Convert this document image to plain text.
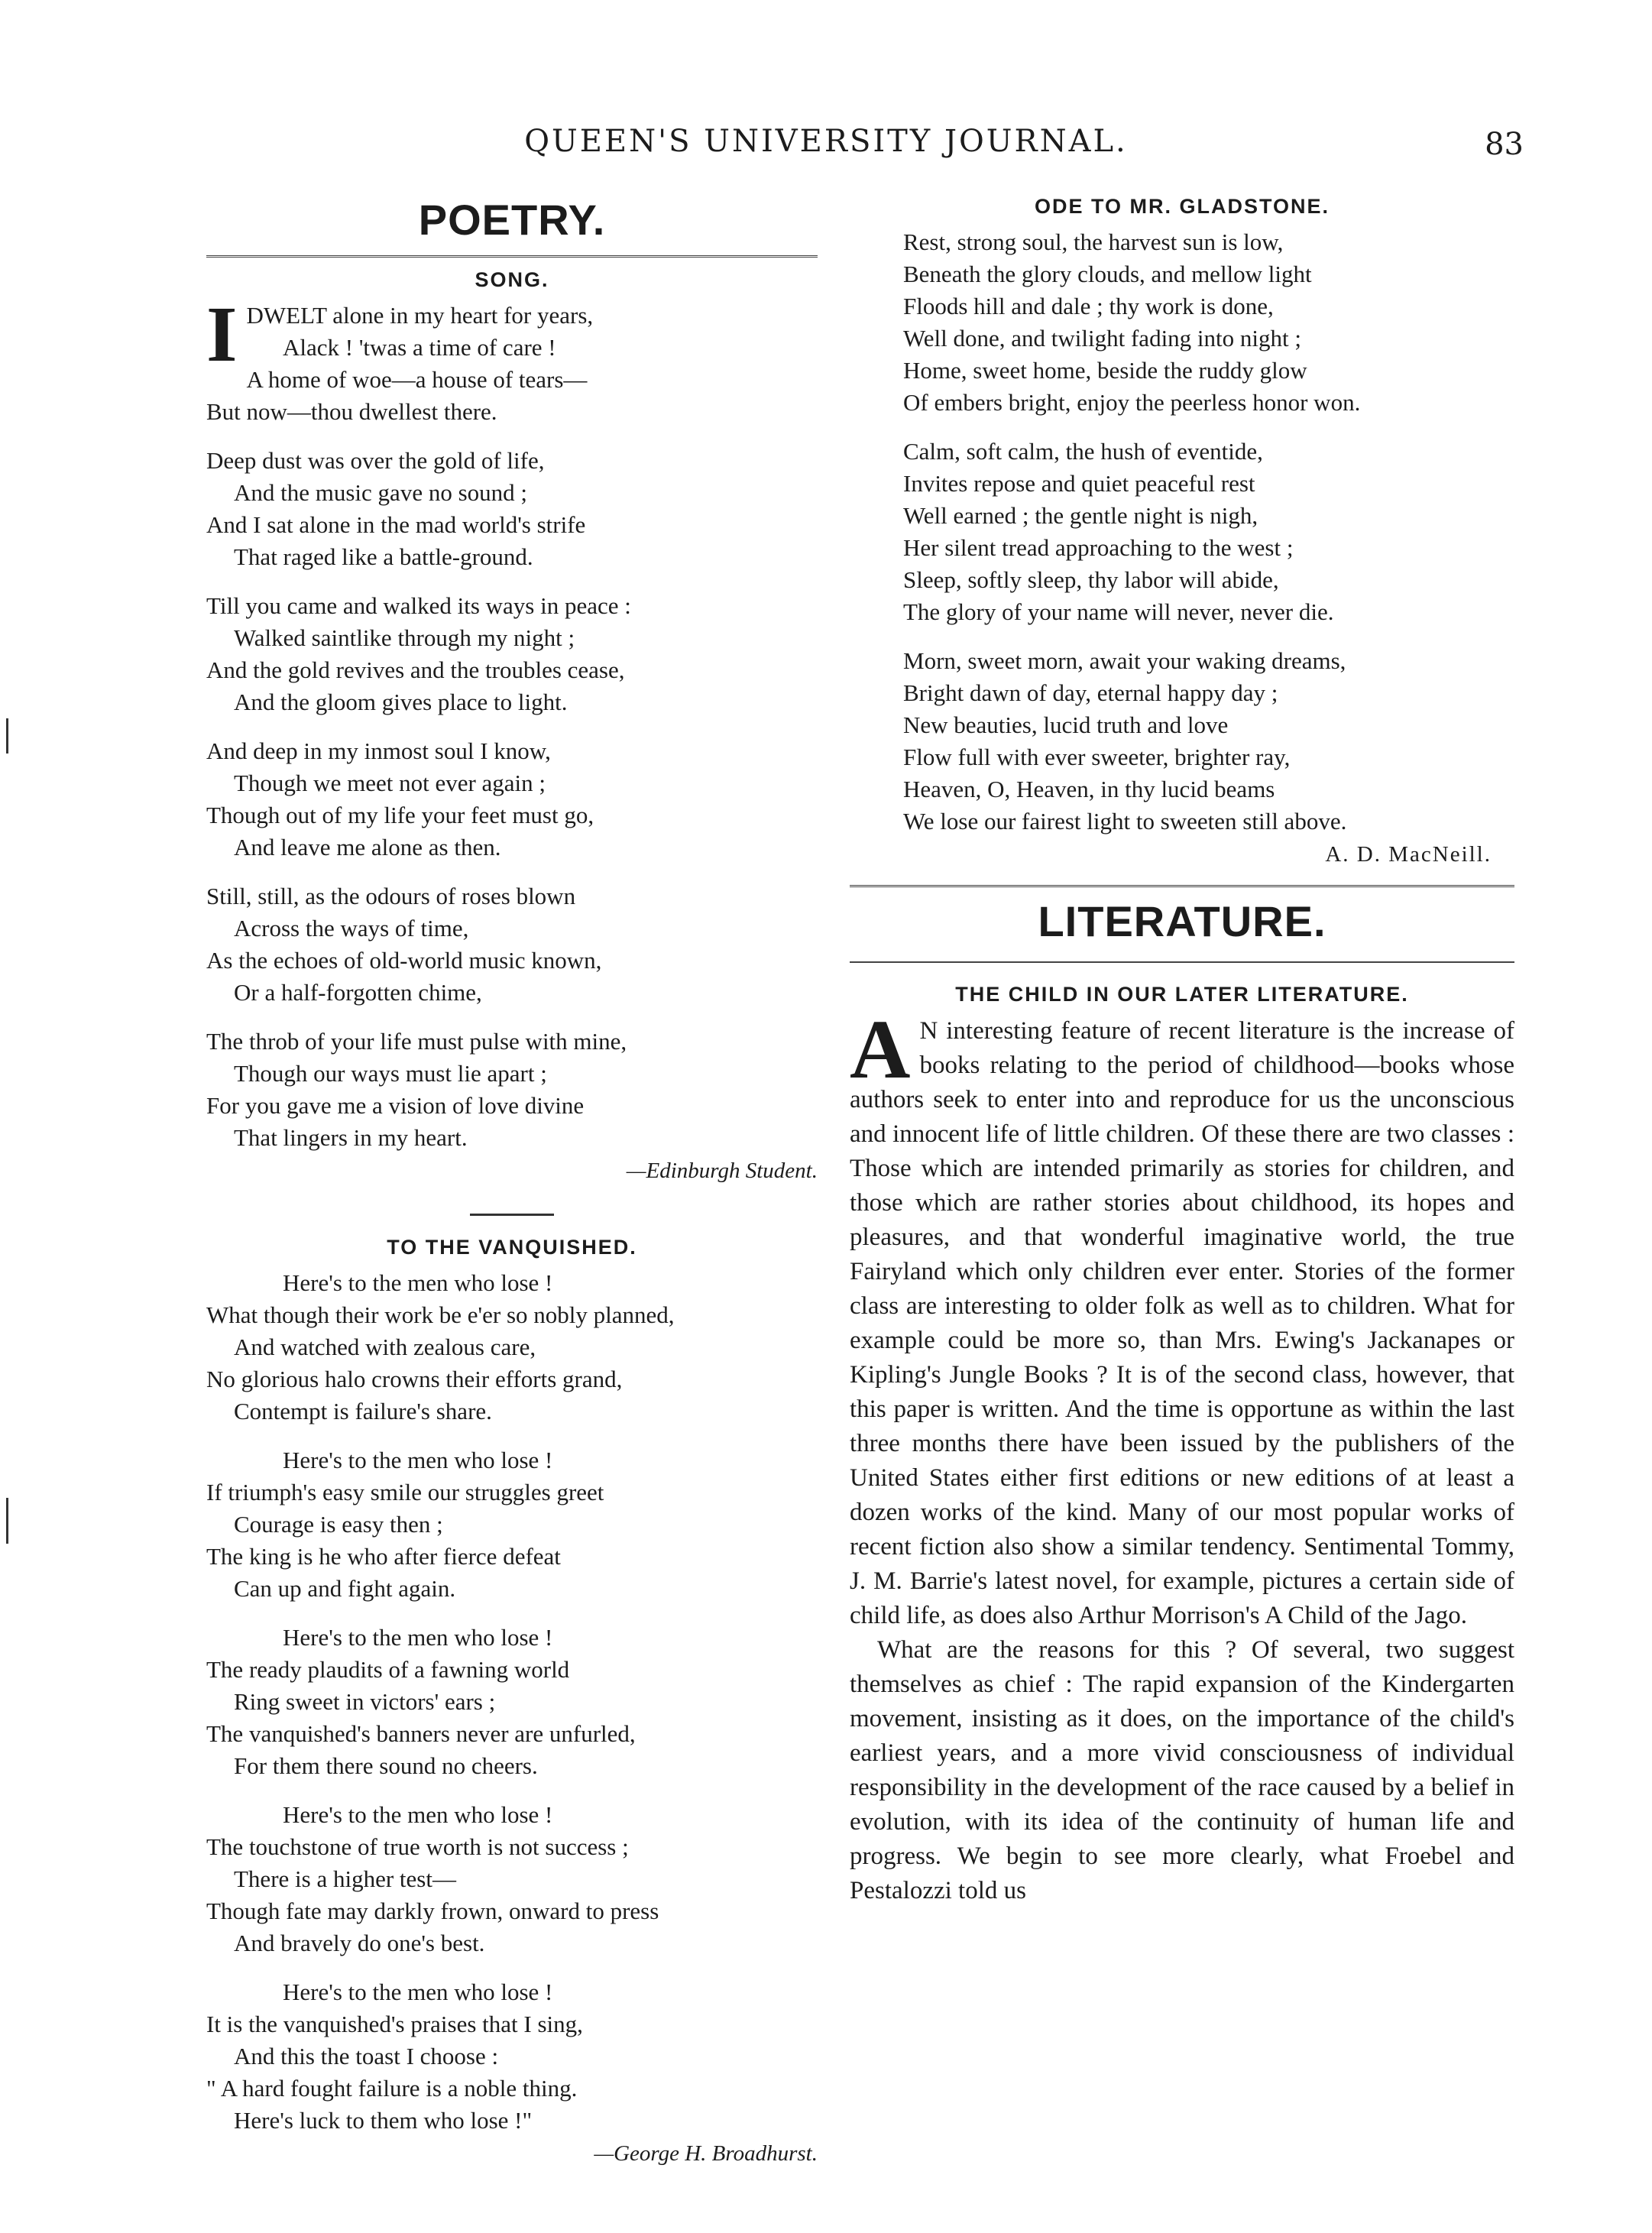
QUEEN'S UNIVERSITY JOURNAL.	83
POETRY.
SONG.
I DWELT alone in my heart for years,
Alack ! 'twas a time of care !
A home of woe—a house of tears—
But now—thou dwellest there.
Deep dust was over the gold of life,
And the music gave no sound ;
And I sat alone in the mad world's strife
That raged like a battle-ground.
Till you came and walked its ways in peace :
Walked saintlike through my night ;
And the gold revives and the troubles cease,
And the gloom gives place to light.
And deep in my inmost soul I know,
Though we meet not ever again ;
Though out of my life your feet must go,
And leave me alone as then.
Still, still, as the odours of roses blown
Across the ways of time,
As the echoes of old-world music known,
Or a half-forgotten chime,
The throb of your life must pulse with mine,
Though our ways must lie apart ;
For you gave me a vision of love divine
That lingers in my heart.
—Edinburgh Student.
TO THE VANQUISHED.
Here's to the men who lose !
What though their work be e'er so nobly planned,
And watched with zealous care,
No glorious halo crowns their efforts grand,
Contempt is failure's share.
Here's to the men who lose !
If triumph's easy smile our struggles greet
Courage is easy then ;
The king is he who after fierce defeat
Can up and fight again.
Here's to the men who lose !
The ready plaudits of a fawning world
Ring sweet in victors' ears ;
The vanquished's banners never are unfurled,
For them there sound no cheers.
Here's to the men who lose !
The touchstone of true worth is not success ;
There is a higher test—
Though fate may darkly frown, onward to press
And bravely do one's best.
Here's to the men who lose !
It is the vanquished's praises that I sing,
And this the toast I choose :
" A hard fought failure is a noble thing.
Here's luck to them who lose !"
—George H. Broadhurst.
ODE TO MR. GLADSTONE.
Rest, strong soul, the harvest sun is low,
Beneath the glory clouds, and mellow light
Floods hill and dale ; thy work is done,
Well done, and twilight fading into night ;
Home, sweet home, beside the ruddy glow
Of embers bright, enjoy the peerless honor won.
Calm, soft calm, the hush of eventide,
Invites repose and quiet peaceful rest
Well earned ; the gentle night is nigh,
Her silent tread approaching to the west ;
Sleep, softly sleep, thy labor will abide,
The glory of your name will never, never die.
Morn, sweet morn, await your waking dreams,
Bright dawn of day, eternal happy day ;
New beauties, lucid truth and love
Flow full with ever sweeter, brighter ray,
Heaven, O, Heaven, in thy lucid beams
We lose our fairest light to sweeten still above.
A. D. MacNeill.
LITERATURE.
THE CHILD IN OUR LATER LITERATURE.

A N interesting feature of recent literature is the increase of books relating to the period of childhood—books whose authors seek to enter into and reproduce for us the unconscious and innocent life of little children. Of these there are two classes : Those which are intended primarily as stories for children, and those which are rather stories about childhood, its hopes and pleasures, and that wonderful imaginative world, the true Fairyland which only children ever enter. Stories of the former class are interesting to older folk as well as to children. What for example could be more so, than Mrs. Ewing's Jackanapes or Kipling's Jungle Books ? It is of the second class, however, that this paper is written. And the time is opportune as within the last three months there have been issued by the publishers of the United States either first editions or new editions of at least a dozen works of the kind. Many of our most popular works of recent fiction also show a similar tendency. Sentimental Tommy, J. M. Barrie's latest novel, for example, pictures a certain side of child life, as does also Arthur Morrison's A Child of the Jago.

What are the reasons for this ? Of several, two suggest themselves as chief : The rapid expansion of the Kindergarten movement, insisting as it does, on the importance of the child's earliest years, and a more vivid consciousness of individual responsibility in the development of the race caused by a belief in evolution, with its idea of the continuity of human life and progress. We begin to see more clearly, what Froebel and Pestalozzi told us
